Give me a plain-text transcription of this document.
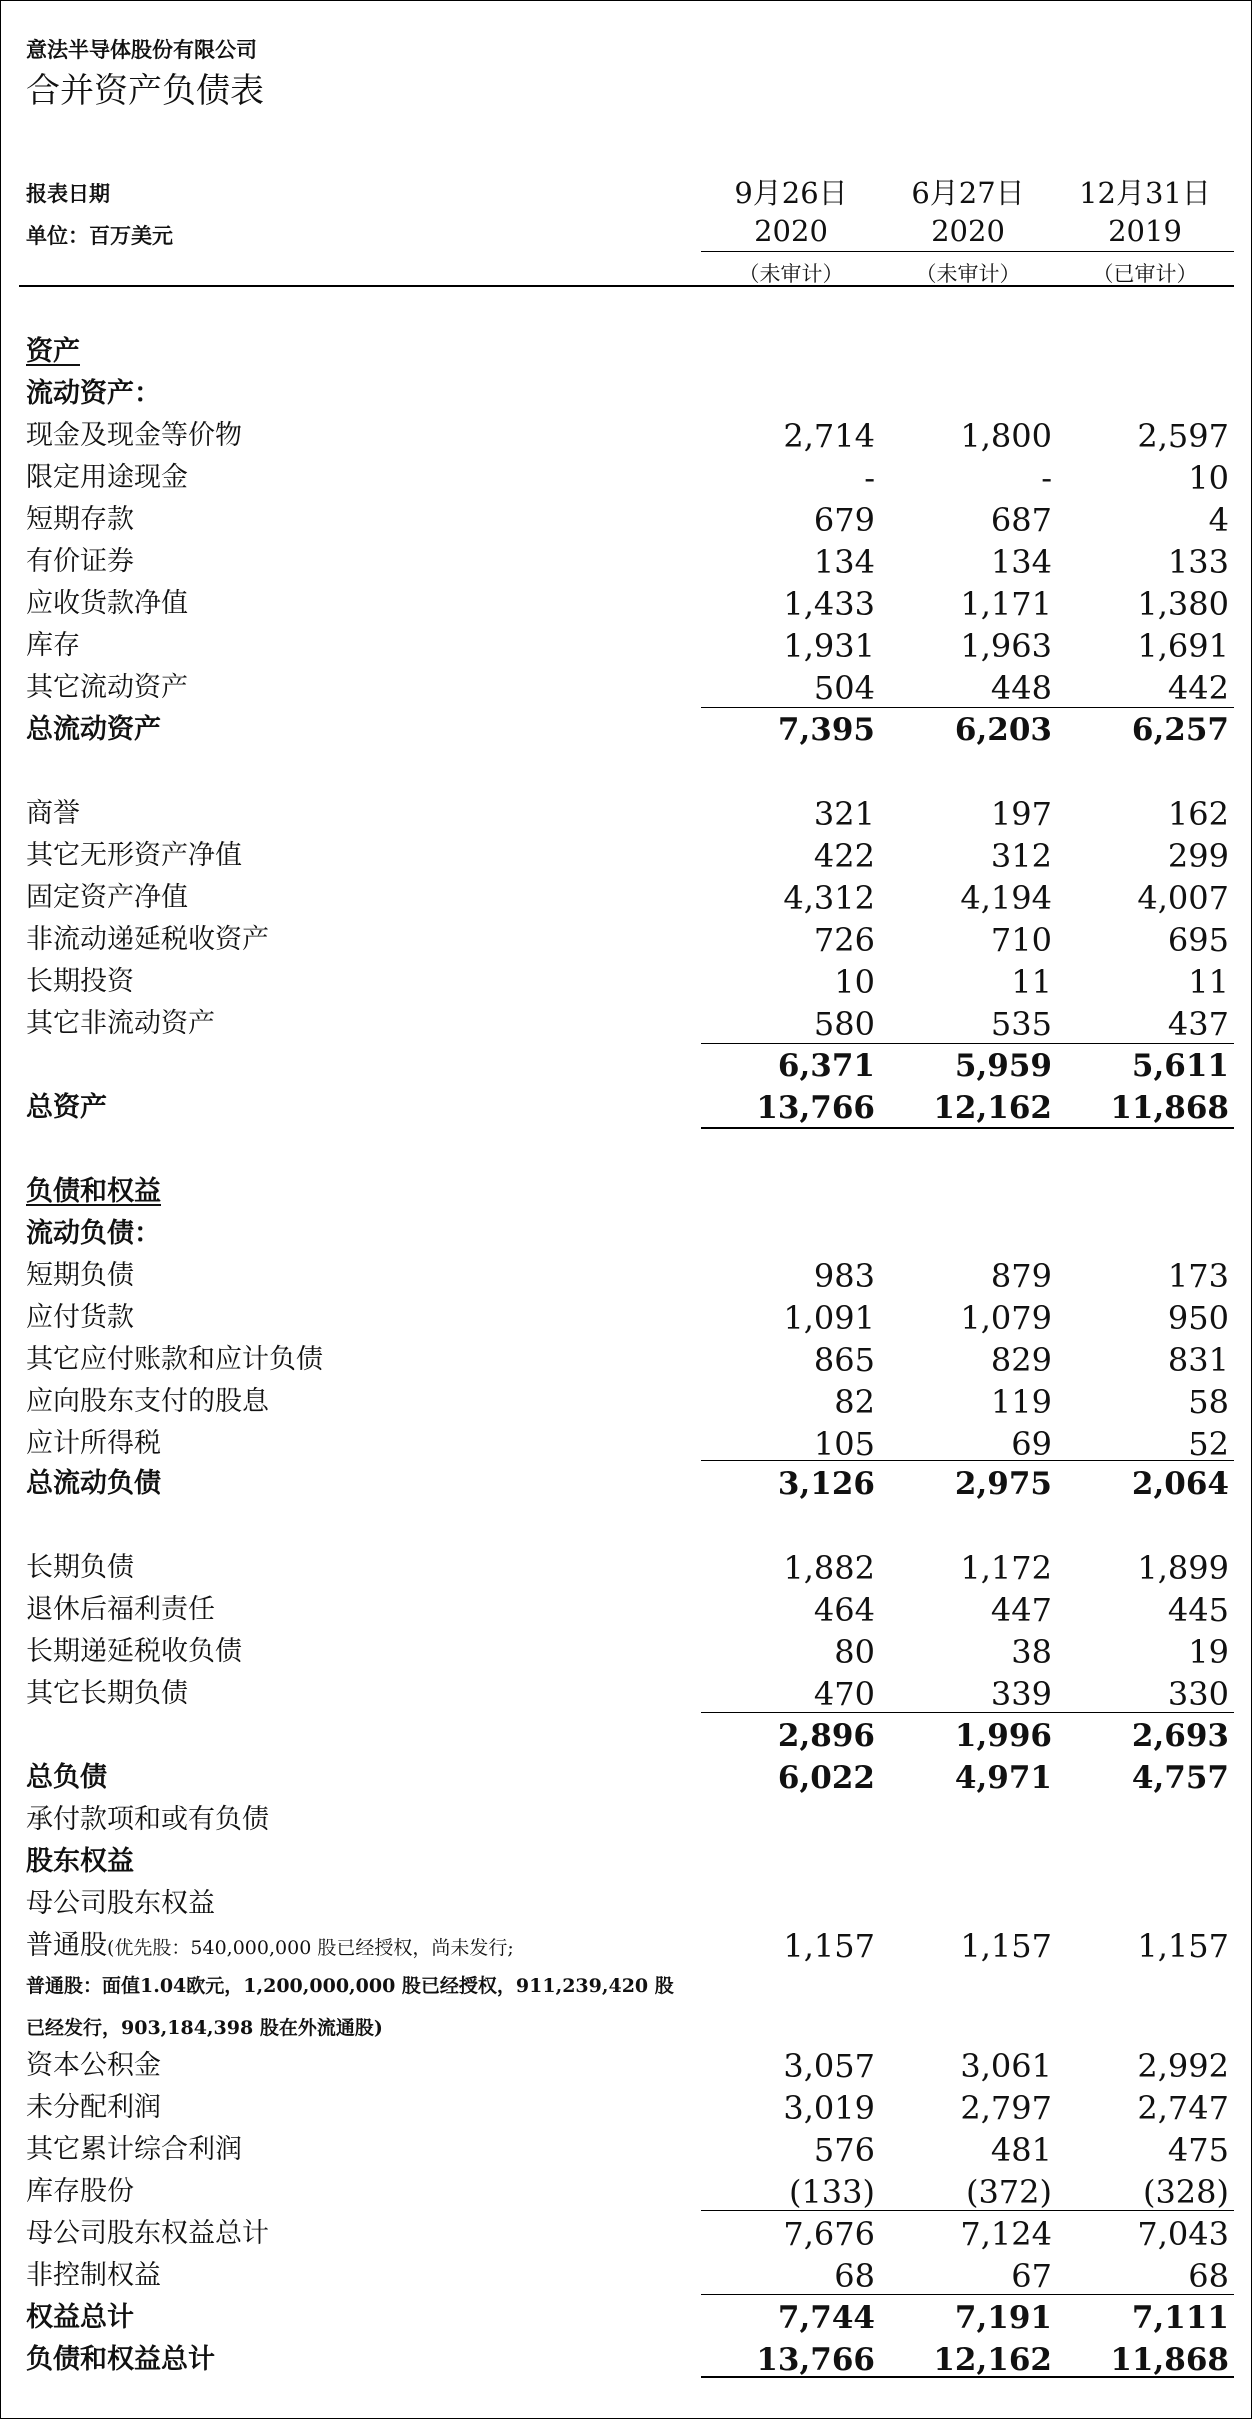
意法半导体股份有限公司
合并资产负债表
报表日期
单位：百万美元
9月26日	6月27日	12月31日
2020	2020	2019
（未审计）	（未审计）	（已审计）
资产
流动资产：
现金及现金等价物	2,714	1,800	2,597
限定用途现金	-	-	10
短期存款	679	687	4
有价证券	134	134	133
应收货款净值	1,433	1,171	1,380
库存	1,931	1,963	1,691
其它流动资产	504	448	442
总流动资产	7,395	6,203	6,257
商誉	321	197	162
其它无形资产净值	422	312	299
固定资产净值	4,312	4,194	4,007
非流动递延税收资产	726	710	695
长期投资	10	11	11
其它非流动资产	580	535	437
6,371	5,959	5,611
总资产	13,766	12,162	11,868
负债和权益
流动负债：
短期负债	983	879	173
应付货款	1,091	1,079	950
其它应付账款和应计负债	865	829	831
应向股东支付的股息	82	119	58
应计所得税	105	69	52
总流动负债	3,126	2,975	2,064
长期负债	1,882	1,172	1,899
退休后福利责任	464	447	445
长期递延税收负债	80	38	19
其它长期负债	470	339	330
2,896	1,996	2,693
总负债	6,022	4,971	4,757
承付款项和或有负债
股东权益
母公司股东权益
普通股(优先股：540,000,000 股已经授权，尚未发行;	1,157	1,157	1,157
资本公积金	3,057	3,061	2,992
未分配利润	3,019	2,797	2,747
其它累计综合利润	576	481	475
库存股份	(133)	(372)	(328)
母公司股东权益总计	7,676	7,124	7,043
非控制权益	68	67	68
权益总计	7,744	7,191	7,111
负债和权益总计	13,766	12,162	11,868
普通股：面值1.04欧元，1,200,000,000 股已经授权，911,239,420 股
已经发行，903,184,398 股在外流通股)
